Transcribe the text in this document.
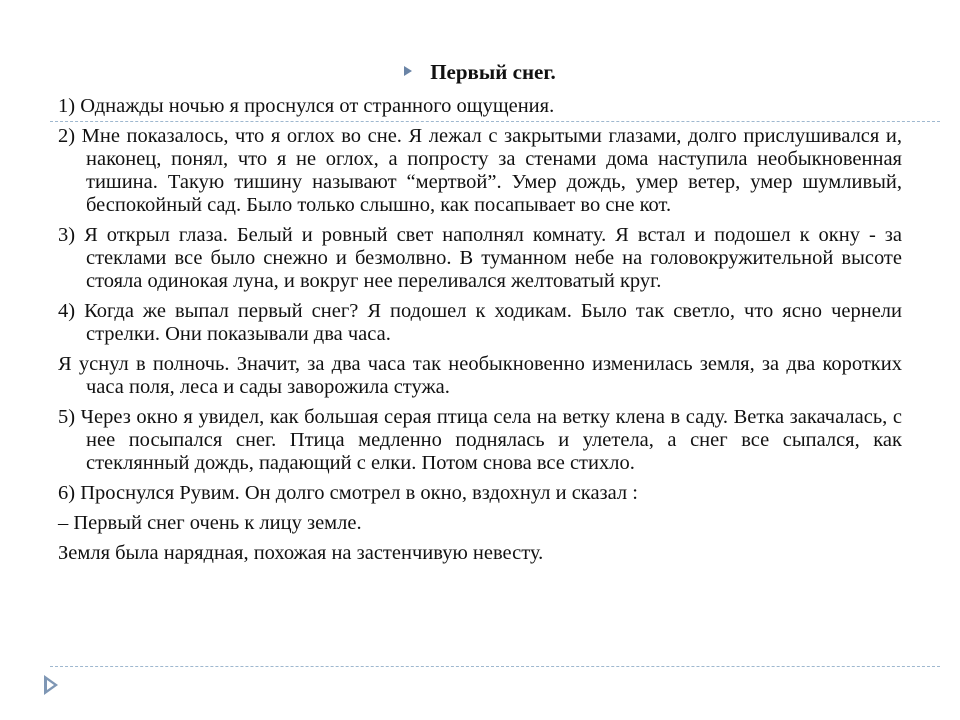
Первый снег.

1) Однажды ночью я проснулся от странного ощущения.

2) Мне показалось, что я оглох во сне. Я лежал с закрытыми глазами, долго прислушивался и, наконец, понял, что я не оглох, а попросту за стенами дома наступила необыкновенная тишина. Такую тишину называют “мертвой”. Умер дождь, умер ветер, умер шумливый, беспокойный сад. Было только слышно, как посапывает во сне кот.

3) Я открыл глаза. Белый и ровный свет наполнял комнату. Я встал и подошел к окну - за стеклами все было снежно и безмолвно. В туманном небе на головокружительной высоте стояла одинокая луна, и вокруг нее переливался желтоватый круг.

4) Когда же выпал первый снег? Я подошел к ходикам. Было так светло, что ясно чернели стрелки. Они показывали два часа.

Я уснул в полночь. Значит, за два часа так необыкновенно изменилась земля, за два коротких часа поля, леса и сады заворожила стужа.

5) Через окно я увидел, как большая серая птица села на ветку клена в саду. Ветка закачалась, с нее посыпался снег. Птица медленно поднялась и улетела, а снег все сыпался, как стеклянный дождь, падающий с елки. Потом снова все стихло.

6) Проснулся Рувим. Он долго смотрел в окно, вздохнул и сказал :

– Первый снег очень к лицу земле.

Земля была нарядная, похожая на застенчивую невесту.
